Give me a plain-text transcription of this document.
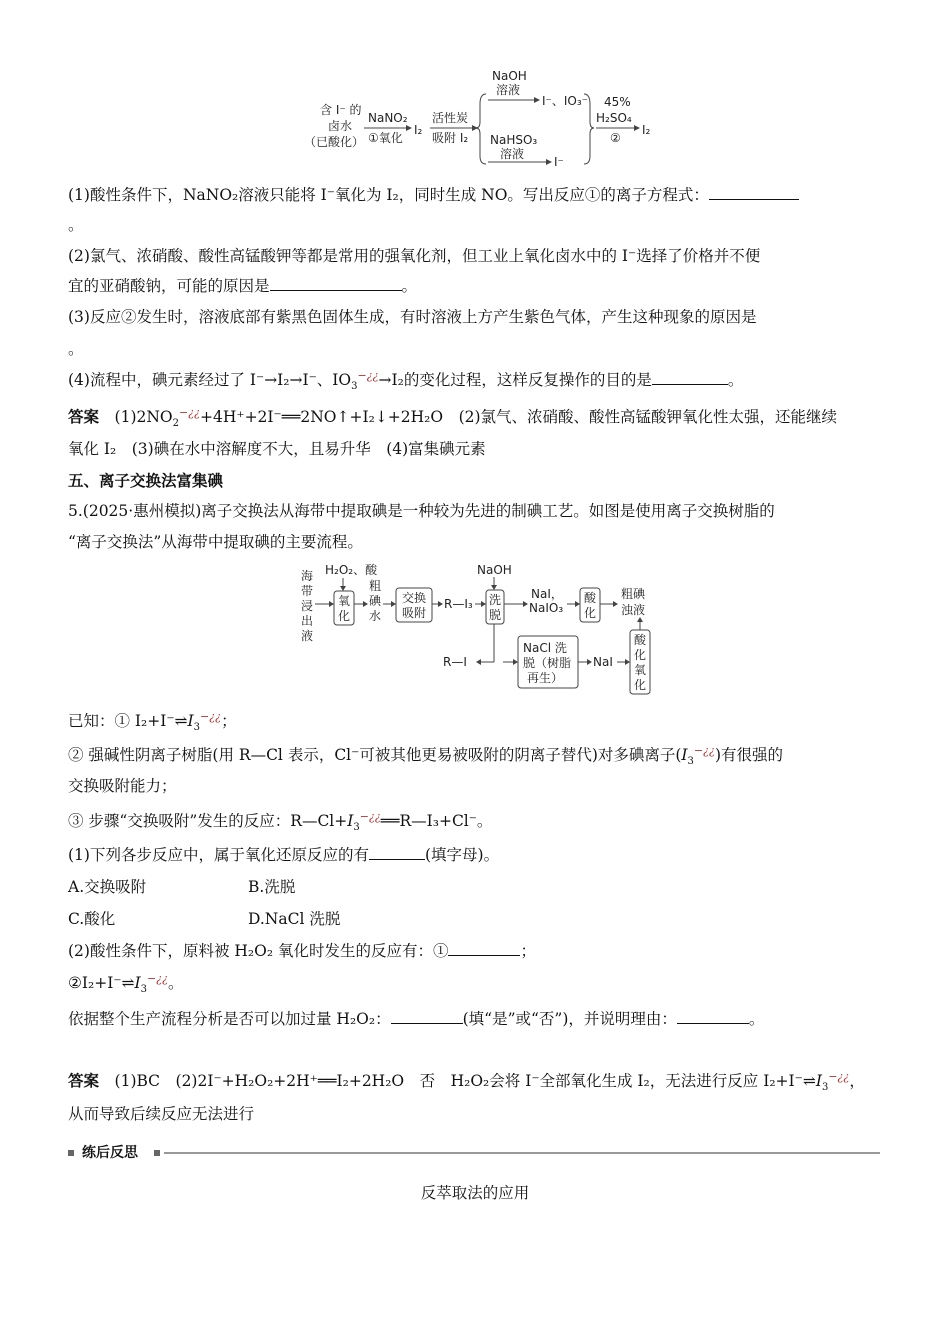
含 I⁻ 的
卤水
（已酸化）
NaNO₂
①氧化
I₂
活性炭
吸附 I₂
NaOH
溶液
I⁻、IO₃⁻
NaHSO₃
溶液
I⁻
45%
H₂SO₄
②
I₂
(1)酸性条件下，NaNO₂溶液只能将 I⁻氧化为 I₂，同时生成 NO。写出反应①的离子方程式：
。
(2)氯气、浓硝酸、酸性高锰酸钾等都是常用的强氧化剂，但工业上氧化卤水中的 I⁻选择了价格并不便
宜的亚硝酸钠，可能的原因是	。
(3)反应②发生时，溶液底部有紫黑色固体生成，有时溶液上方产生紫色气体，产生这种现象的原因是
。
(4)流程中，碘元素经过了 I⁻→I₂→I⁻、$IO_3^{-¿¿}\to I_2$的变化过程，这样反复操作的目的是	。
答案　 $(1)2NO_2^{-¿¿}+4H^++2I^-══2NO↑+I_2↓+2H_2O$　(2)氯气、浓硝酸、酸性高锰酸钾氧化性太强，还能继续
氧化 I₂　(3)碘在水中溶解度不大，且易升华　(4)富集碘元素
五、离子交换法富集碘
5.(2025·惠州模拟)离子交换法从海带中提取碘是一种较为先进的制碘工艺。如图是使用离子交换树脂的
“离子交换法”从海带中提取碘的主要流程。
海
带
浸
出
液
H₂O₂、酸
氧
化
粗
碘
水
交换
吸附
R—I₃
NaOH
洗
脱
NaI，
NaIO₃
酸
化
粗碘
浊液
R—I
NaCl 洗
脱（树脂
再生）
NaI
酸
化
氧
化
已知：① $I_2+I^-\rightleftharpoons I_3^{-¿¿}$；
② 强碱性阴离子树脂(用 R—Cl 表示，Cl⁻可被其他更易被吸附的阴离子替代)对多碘离子$(I_3^{-¿¿})$有很强的
交换吸附能力；
③ 步骤“交换吸附”发生的反应：$R—Cl+I_3^{-¿¿}══R—I_3+Cl^-$。
(1)下列各步反应中，属于氧化还原反应的有	(填字母)。
A.交换吸附	B.洗脱
C.酸化	D.NaCl 洗脱
(2)酸性条件下，原料被 H₂O₂ 氧化时发生的反应有：①	；
$②I_2+I^-\rightleftharpoons I_3^{-¿¿}$。
依据整个生产流程分析是否可以加过量 H₂O₂：	(填“是”或“否”)，并说明理由：	。
答案　 (1)BC　(2)2I⁻+H₂O₂+2H⁺══I₂+2H₂O　否　H₂O₂会将 I⁻全部氧化生成 I₂，无法进行反应 $I_2+I^-\rightleftharpoons I_3^{-¿¿}$，
从而导致后续反应无法进行
练后反思
反萃取法的应用
